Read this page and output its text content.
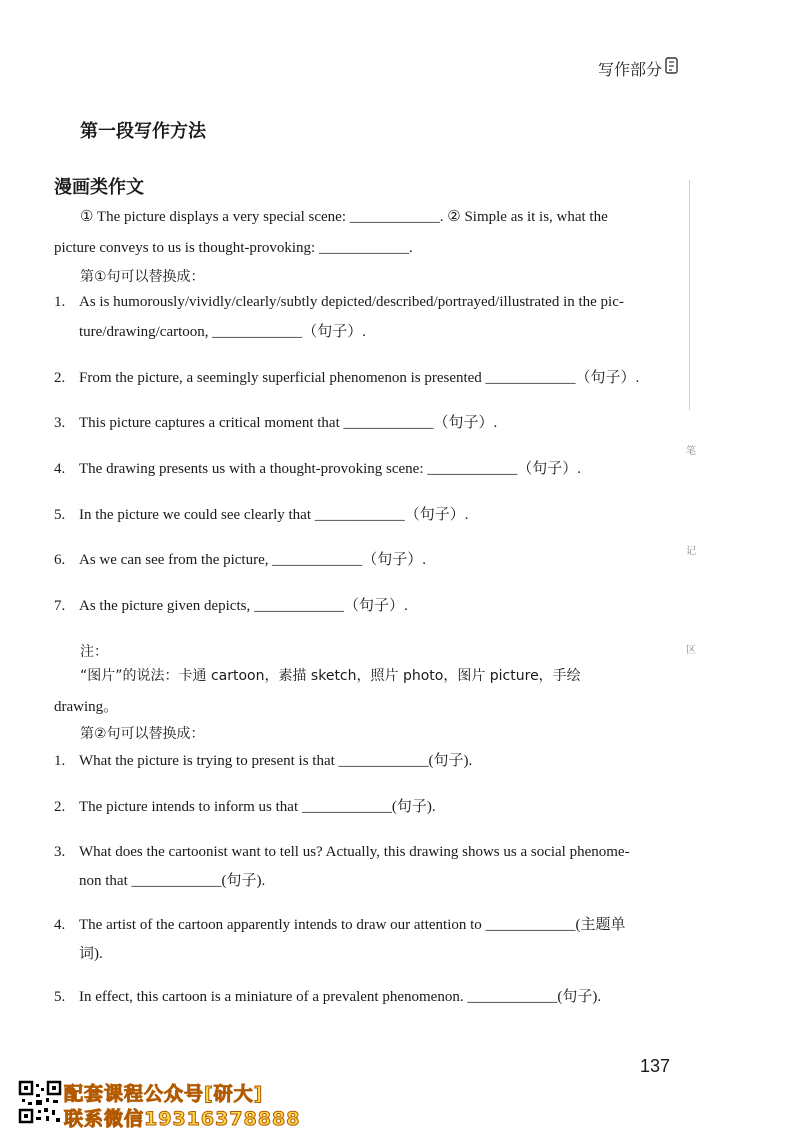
写作部分
第一段写作方法
漫画类作文
① The picture displays a very special scene: ____________. ② Simple as it is, what the
picture conveys to us is thought-provoking: ____________.
第①句可以替换成：
1. As is humorously/vividly/clearly/subtly depicted/described/portrayed/illustrated in the pic-
ture/drawing/cartoon, ____________（句子）.
2. From the picture, a seemingly superficial phenomenon is presented ____________（句子）.
3. This picture captures a critical moment that ____________（句子）.
4. The drawing presents us with a thought-provoking scene: ____________（句子）.
5. In the picture we could see clearly that ____________（句子）.
6. As we can see from the picture, ____________（句子）.
7. As the picture given depicts, ____________（句子）.
注：
“图片”的说法：卡通 cartoon，素描 sketch，照片 photo，图片 picture，手绘
drawing。
第②句可以替换成：
1. What the picture is trying to present is that ____________(句子).
2. The picture intends to inform us that ____________(句子).
3. What does the cartoonist want to tell us? Actually, this drawing shows us a social phenome-
non that ____________(句子).
4. The artist of the cartoon apparently intends to draw our attention to ____________(主题单
词).
5. In effect, this cartoon is a miniature of a prevalent phenomenon. ____________(句子).
笔
记
区
137
配套课程公众号[研大]
联系微信19316378888
